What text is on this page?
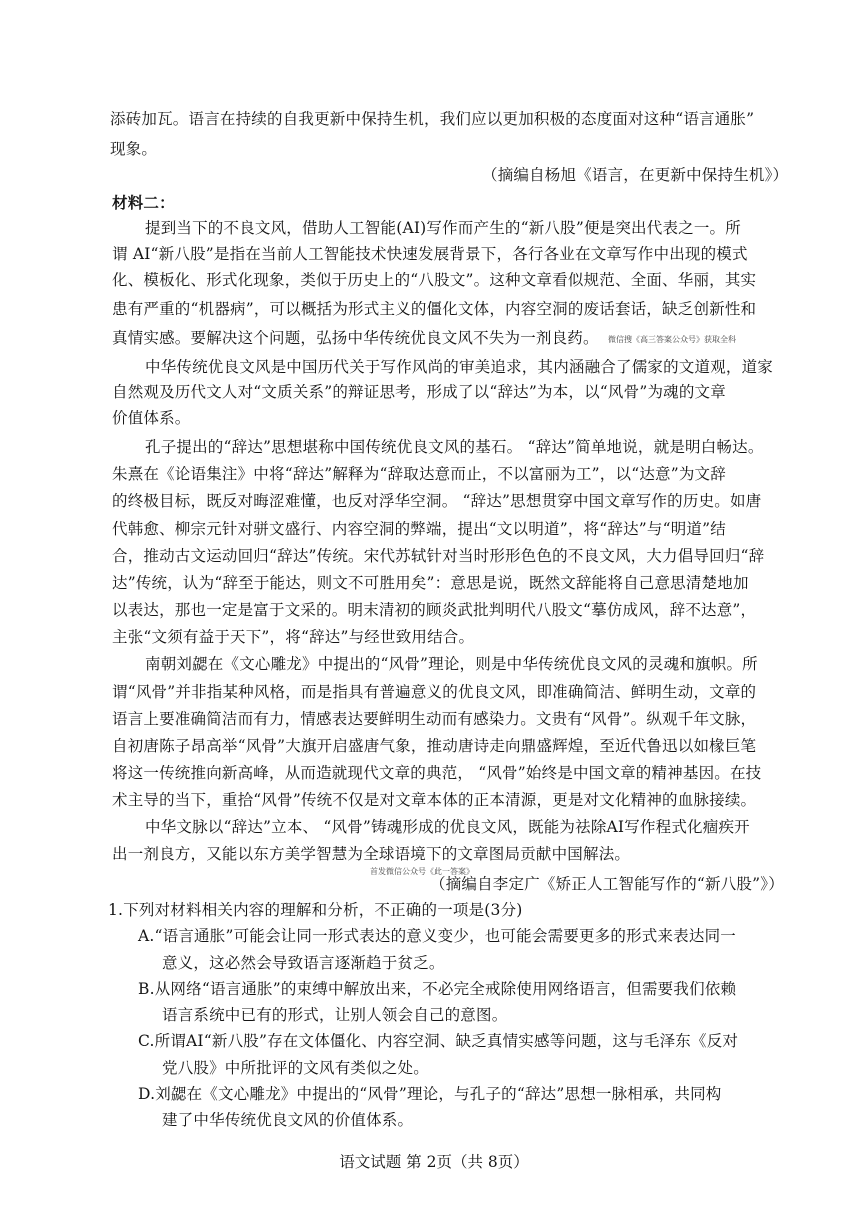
添砖加瓦。语言在持续的自我更新中保持生机，我们应以更加积极的态度面对这种“语言通胀”
现象。
（摘编自杨旭《语言，在更新中保持生机》）
材料二：
提到当下的不良文风，借助人工智能(AI)写作而产生的“新八股”便是突出代表之一。所
谓 AI“新八股”是指在当前人工智能技术快速发展背景下，各行各业在文章写作中出现的模式
化、模板化、形式化现象，类似于历史上的“八股文”。这种文章看似规范、全面、华丽，其实
患有严重的“机器病”，可以概括为形式主义的僵化文体，内容空洞的废话套话，缺乏创新性和
真情实感。要解决这个问题，弘扬中华传统优良文风不失为一剂良药。 微信搜《高三答案公众号》获取全科
中华传统优良文风是中国历代关于写作风尚的审美追求，其内涵融合了儒家的文道观，道家
自然观及历代文人对“文质关系”的辩证思考，形成了以“辞达”为本，以“风骨”为魂的文章
价值体系。
孔子提出的“辞达”思想堪称中国传统优良文风的基石。 “辞达”简单地说，就是明白畅达。
朱熹在《论语集注》中将“辞达”解释为“辞取达意而止，不以富丽为工”，以“达意”为文辞
的终极目标，既反对晦涩难懂，也反对浮华空洞。 “辞达”思想贯穿中国文章写作的历史。如唐
代韩愈、柳宗元针对骈文盛行、内容空洞的弊端，提出“文以明道”，将“辞达”与“明道”结
合，推动古文运动回归“辞达”传统。宋代苏轼针对当时形形色色的不良文风，大力倡导回归“辞
达”传统，认为“辞至于能达，则文不可胜用矣”：意思是说，既然文辞能将自己意思清楚地加
以表达，那也一定是富于文采的。明末清初的顾炎武批判明代八股文“摹仿成风，辞不达意”，
主张“文须有益于天下”，将“辞达”与经世致用结合。
南朝刘勰在《文心雕龙》中提出的“风骨”理论，则是中华传统优良文风的灵魂和旗帜。所
谓“风骨”并非指某种风格，而是指具有普遍意义的优良文风，即准确简洁、鲜明生动，文章的
语言上要准确简洁而有力，情感表达要鲜明生动而有感染力。文贵有“风骨”。纵观千年文脉，
自初唐陈子昂高举“风骨”大旗开启盛唐气象，推动唐诗走向鼎盛辉煌，至近代鲁迅以如椽巨笔
将这一传统推向新高峰，从而造就现代文章的典范， “风骨”始终是中国文章的精神基因。在技
术主导的当下，重拾“风骨”传统不仅是对文章本体的正本清源，更是对文化精神的血脉接续。
中华文脉以“辞达”立本、 “风骨”铸魂形成的优良文风，既能为祛除AI写作程式化痼疾开
出一剂良方，又能以东方美学智慧为全球语境下的文章图局贡献中国解法。
首发微信公众号《此一答案》
（摘编自李定广《矫正人工智能写作的“新八股”》）
1.下列对材料相关内容的理解和分析，不正确的一项是(3分)
A.“语言通胀”可能会让同一形式表达的意义变少，也可能会需要更多的形式来表达同一
意义，这必然会导致语言逐渐趋于贫乏。
B.从网络“语言通胀”的束缚中解放出来，不必完全戒除使用网络语言，但需要我们依赖
语言系统中已有的形式，让别人领会自己的意图。
C.所谓AI“新八股”存在文体僵化、内容空洞、缺乏真情实感等问题，这与毛泽东《反对
党八股》中所批评的文风有类似之处。
D.刘勰在《文心雕龙》中提出的“风骨”理论，与孔子的“辞达”思想一脉相承，共同构
建了中华传统优良文风的价值体系。
语文试题 第 2页（共 8页）
